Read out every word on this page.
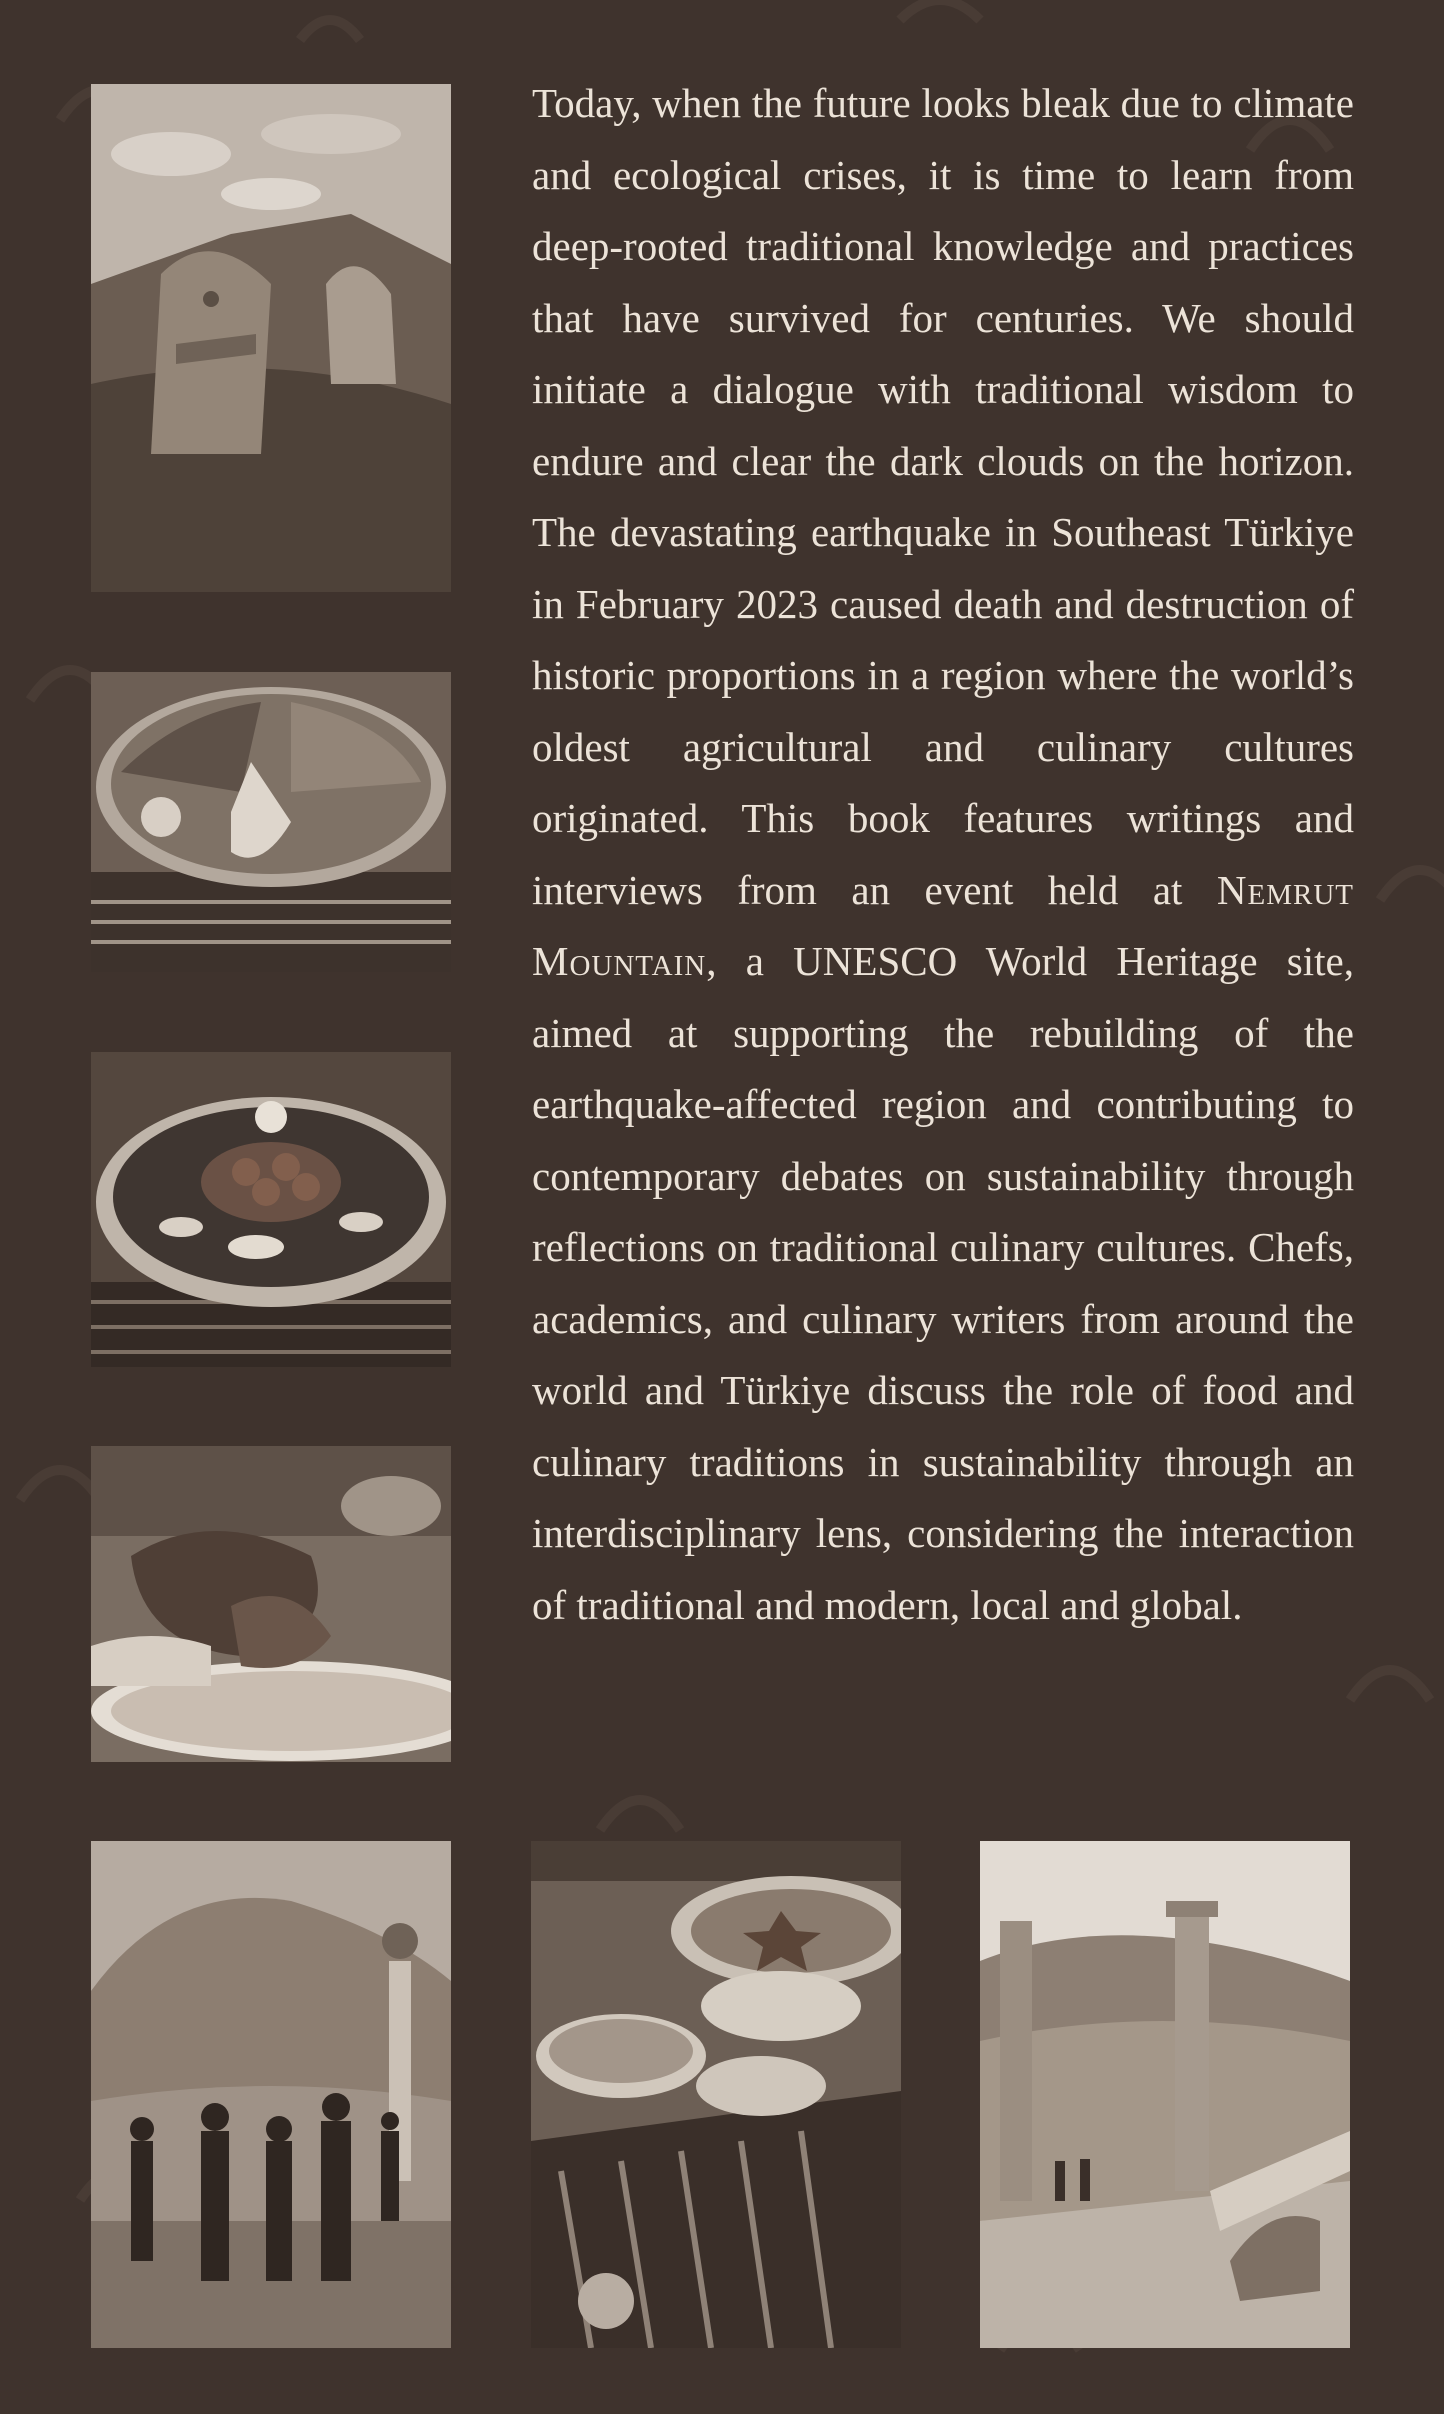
Today, when the future looks bleak due to climate and ecological crises, it is time to learn from deep-rooted traditional knowledge and practices that have survived for centuries. We should initiate a dialogue with traditional wisdom to endure and clear the dark clouds on the horizon. The devastating earthquake in Southeast Türkiye in February 2023 caused death and destruction of historic proportions in a region where the world’s oldest agricultural and culinary cultures originated. This book features writings and interviews from an event held at Nemrut Mountain, a UNESCO World Heritage site, aimed at supporting the rebuilding of the earthquake-affected region and contributing to contemporary debates on sustainability through reflections on traditional culinary cultures. Chefs, academics, and culinary writers from around the world and Türkiye discuss the role of food and culinary traditions in sustainability through an interdisciplinary lens, considering the interaction of traditional and modern, local and global.
